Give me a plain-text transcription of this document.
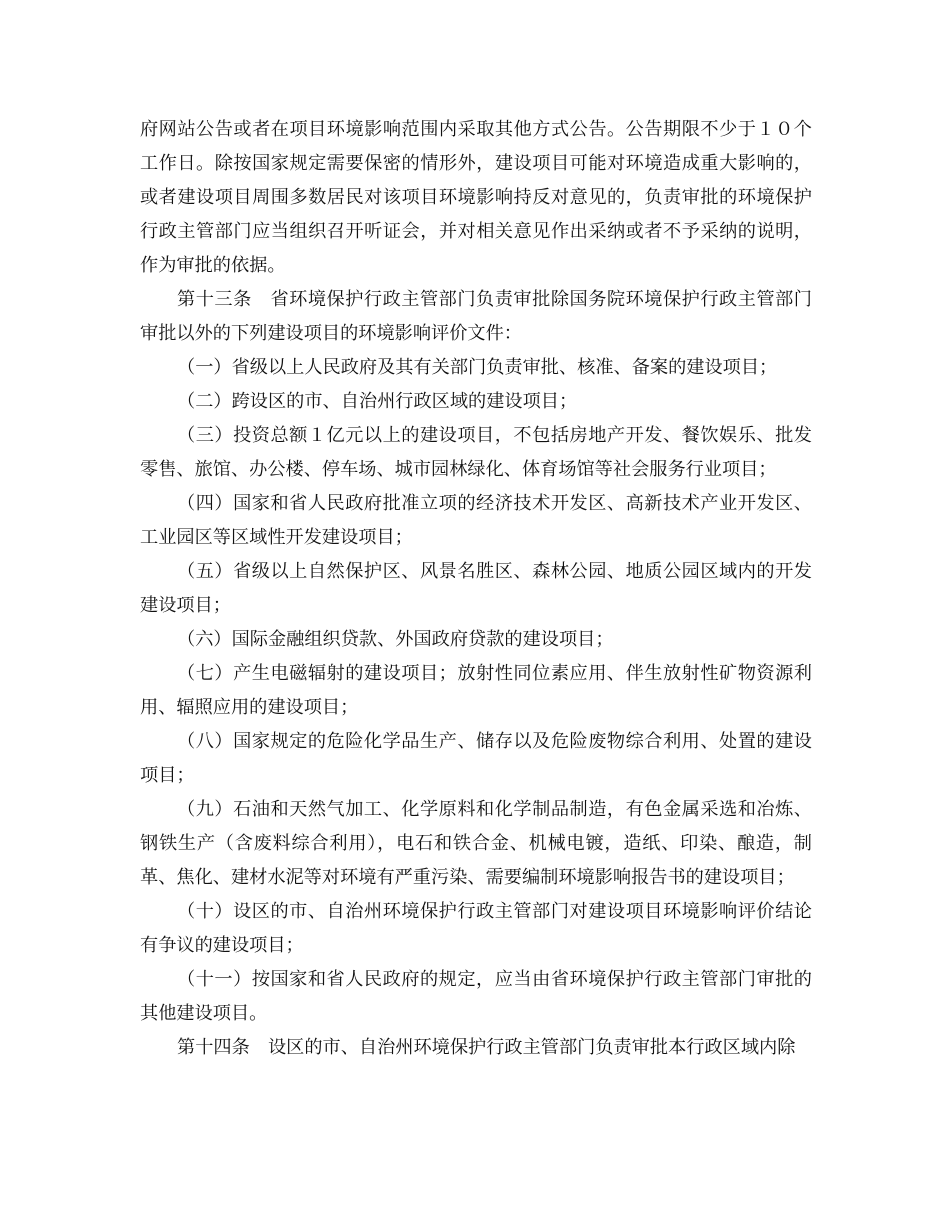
府网站公告或者在项目环境影响范围内采取其他方式公告。公告期限不少于１０个工作日。除按国家规定需要保密的情形外，建设项目可能对环境造成重大影响的，或者建设项目周围多数居民对该项目环境影响持反对意见的，负责审批的环境保护行政主管部门应当组织召开听证会，并对相关意见作出采纳或者不予采纳的说明，作为审批的依据。

第十三条　省环境保护行政主管部门负责审批除国务院环境保护行政主管部门审批以外的下列建设项目的环境影响评价文件：

（一）省级以上人民政府及其有关部门负责审批、核准、备案的建设项目；

（二）跨设区的市、自治州行政区域的建设项目；

（三）投资总额１亿元以上的建设项目，不包括房地产开发、餐饮娱乐、批发零售、旅馆、办公楼、停车场、城市园林绿化、体育场馆等社会服务行业项目；

（四）国家和省人民政府批准立项的经济技术开发区、高新技术产业开发区、工业园区等区域性开发建设项目；

（五）省级以上自然保护区、风景名胜区、森林公园、地质公园区域内的开发建设项目；

（六）国际金融组织贷款、外国政府贷款的建设项目；

（七）产生电磁辐射的建设项目；放射性同位素应用、伴生放射性矿物资源利用、辐照应用的建设项目；

（八）国家规定的危险化学品生产、储存以及危险废物综合利用、处置的建设项目；

（九）石油和天然气加工、化学原料和化学制品制造，有色金属采选和冶炼、钢铁生产（含废料综合利用），电石和铁合金、机械电镀，造纸、印染、酿造，制革、焦化、建材水泥等对环境有严重污染、需要编制环境影响报告书的建设项目；

（十）设区的市、自治州环境保护行政主管部门对建设项目环境影响评价结论有争议的建设项目；

（十一）按国家和省人民政府的规定，应当由省环境保护行政主管部门审批的其他建设项目。

第十四条　设区的市、自治州环境保护行政主管部门负责审批本行政区域内除
